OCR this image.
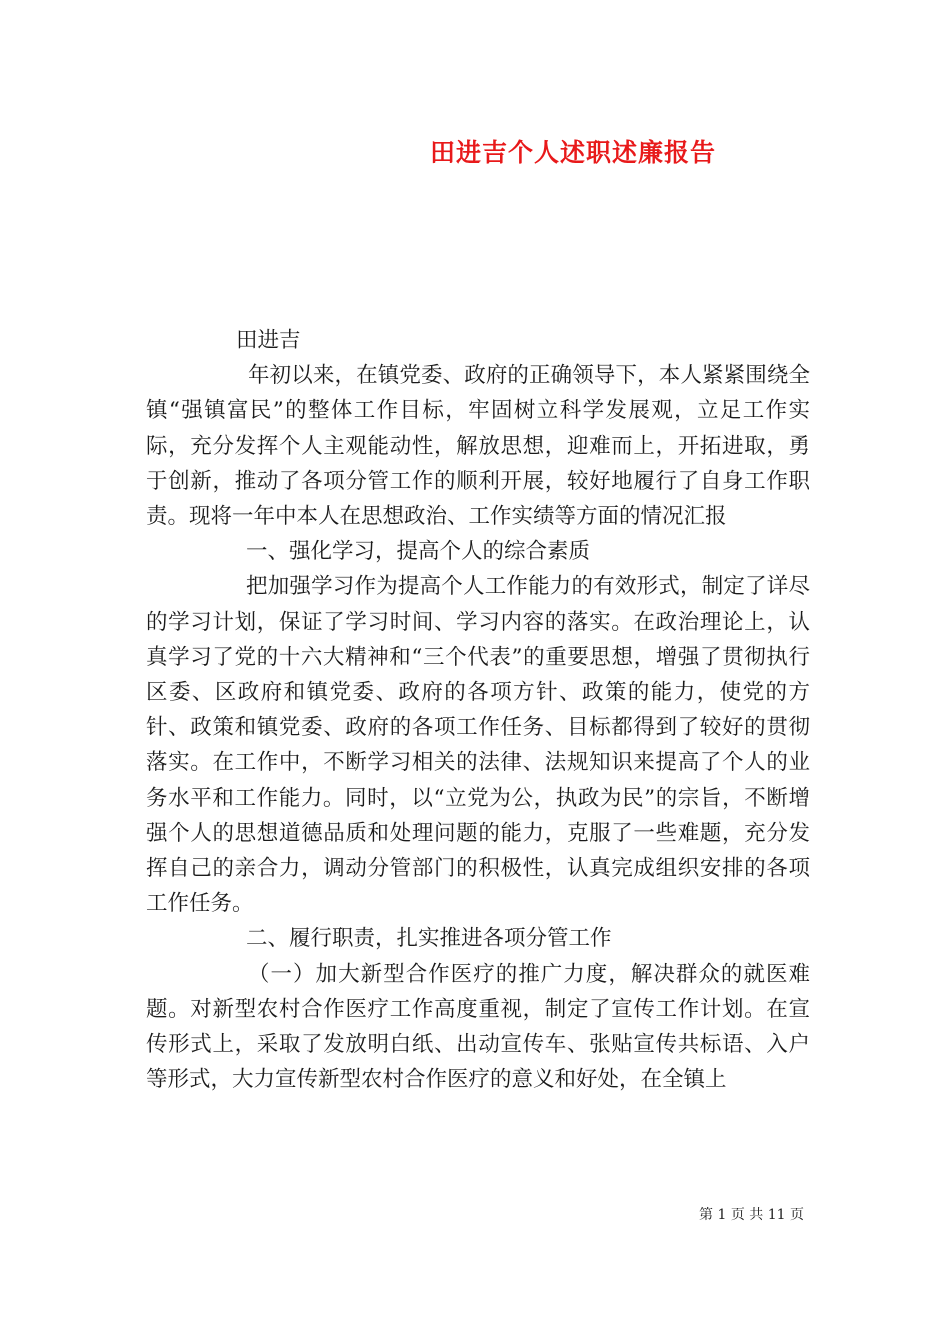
田进吉个人述职述廉报告

田进吉

年初以来，在镇党委、政府的正确领导下，本人紧紧围绕全镇“强镇富民”的整体工作目标，牢固树立科学发展观，立足工作实际，充分发挥个人主观能动性，解放思想，迎难而上，开拓进取，勇于创新，推动了各项分管工作的顺利开展，较好地履行了自身工作职责。现将一年中本人在思想政治、工作实绩等方面的情况汇报

一、强化学习，提高个人的综合素质

把加强学习作为提高个人工作能力的有效形式，制定了详尽的学习计划，保证了学习时间、学习内容的落实。在政治理论上，认真学习了党的十六大精神和“三个代表”的重要思想，增强了贯彻执行区委、区政府和镇党委、政府的各项方针、政策的能力，使党的方针、政策和镇党委、政府的各项工作任务、目标都得到了较好的贯彻落实。在工作中，不断学习相关的法律、法规知识来提高了个人的业务水平和工作能力。同时，以“立党为公，执政为民”的宗旨，不断增强个人的思想道德品质和处理问题的能力，克服了一些难题，充分发挥自己的亲合力，调动分管部门的积极性，认真完成组织安排的各项工作任务。

二、履行职责，扎实推进各项分管工作

（一）加大新型合作医疗的推广力度，解决群众的就医难题。对新型农村合作医疗工作高度重视，制定了宣传工作计划。在宣传形式上，采取了发放明白纸、出动宣传车、张贴宣传共标语、入户等形式，大力宣传新型农村合作医疗的意义和好处，在全镇上

第 1 页 共 11 页
